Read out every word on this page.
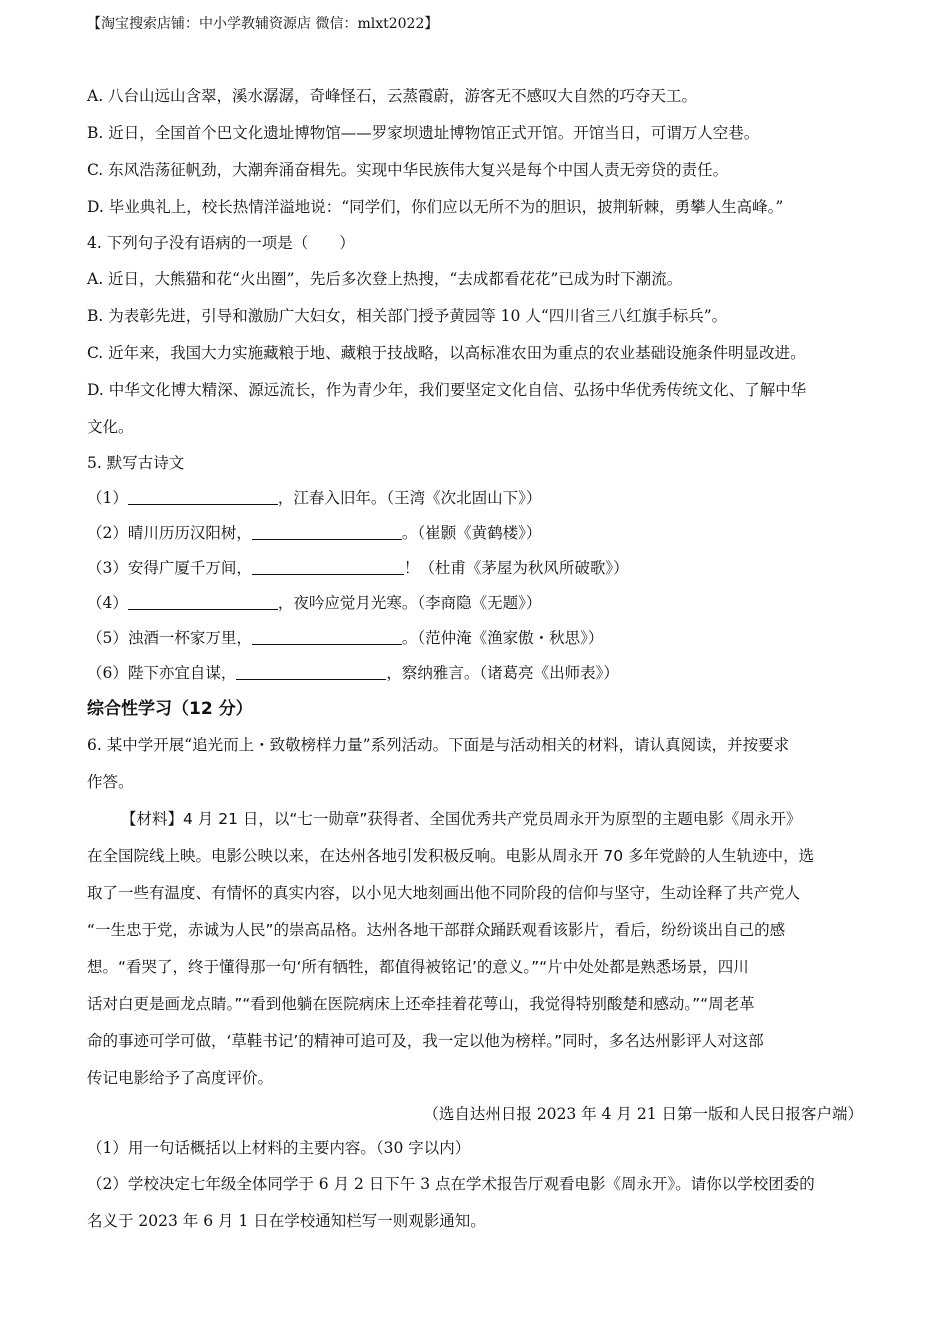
【淘宝搜索店铺：中小学教辅资源店 微信：mlxt2022】
A. 八台山远山含翠，溪水潺潺，奇峰怪石，云蒸霞蔚，游客无不感叹大自然的巧夺天工。
B. 近日，全国首个巴文化遗址博物馆——罗家坝遗址博物馆正式开馆。开馆当日，可谓万人空巷。
C. 东风浩荡征帆劲，大潮奔涌奋楫先。实现中华民族伟大复兴是每个中国人责无旁贷的责任。
D. 毕业典礼上，校长热情洋溢地说：“同学们，你们应以无所不为的胆识，披荆斩棘，勇攀人生高峰。”
4. 下列句子没有语病的一项是（　　）
A. 近日，大熊猫和花“火出圈”，先后多次登上热搜，“去成都看花花”已成为时下潮流。
B. 为表彰先进，引导和激励广大妇女，相关部门授予黄园等 10 人“四川省三八红旗手标兵”。
C. 近年来，我国大力实施藏粮于地、藏粮于技战略，以高标准农田为重点的农业基础设施条件明显改进。
D. 中华文化博大精深、源远流长，作为青少年，我们要坚定文化自信、弘扬中华优秀传统文化、了解中华
文化。
5. 默写古诗文
（1）	，江春入旧年。（王湾《次北固山下》）
（2）晴川历历汉阳树，	。（崔颢《黄鹤楼》）
（3）安得广厦千万间，	！（杜甫《茅屋为秋风所破歌》）
（4）	，夜吟应觉月光寒。（李商隐《无题》）
（5）浊酒一杯家万里，	。（范仲淹《渔家傲・秋思》）
（6）陛下亦宜自谋，	，察纳雅言。（诸葛亮《出师表》）
综合性学习（12 分）
6. 某中学开展“追光而上・致敬榜样力量”系列活动。下面是与活动相关的材料，请认真阅读，并按要求
作答。
【材料】4 月 21 日，以“七一勋章”获得者、全国优秀共产党员周永开为原型的主题电影《周永开》
在全国院线上映。电影公映以来，在达州各地引发积极反响。电影从周永开 70 多年党龄的人生轨迹中，选
取了一些有温度、有情怀的真实内容，以小见大地刻画出他不同阶段的信仰与坚守，生动诠释了共产党人
“一生忠于党，赤诚为人民”的崇高品格。达州各地干部群众踊跃观看该影片，看后，纷纷谈出自己的感
想。“看哭了，终于懂得那一句‘所有牺牲，都值得被铭记’的意义。”“片中处处都是熟悉场景，四川
话对白更是画龙点睛。”“看到他躺在医院病床上还牵挂着花萼山，我觉得特别酸楚和感动。”“周老革
命的事迹可学可做，‘草鞋书记’的精神可追可及，我一定以他为榜样。”同时，多名达州影评人对这部
传记电影给予了高度评价。
（选自达州日报 2023 年 4 月 21 日第一版和人民日报客户端）
（1）用一句话概括以上材料的主要内容。（30 字以内）
（2）学校决定七年级全体同学于 6 月 2 日下午 3 点在学术报告厅观看电影《周永开》。请你以学校团委的
名义于 2023 年 6 月 1 日在学校通知栏写一则观影通知。
